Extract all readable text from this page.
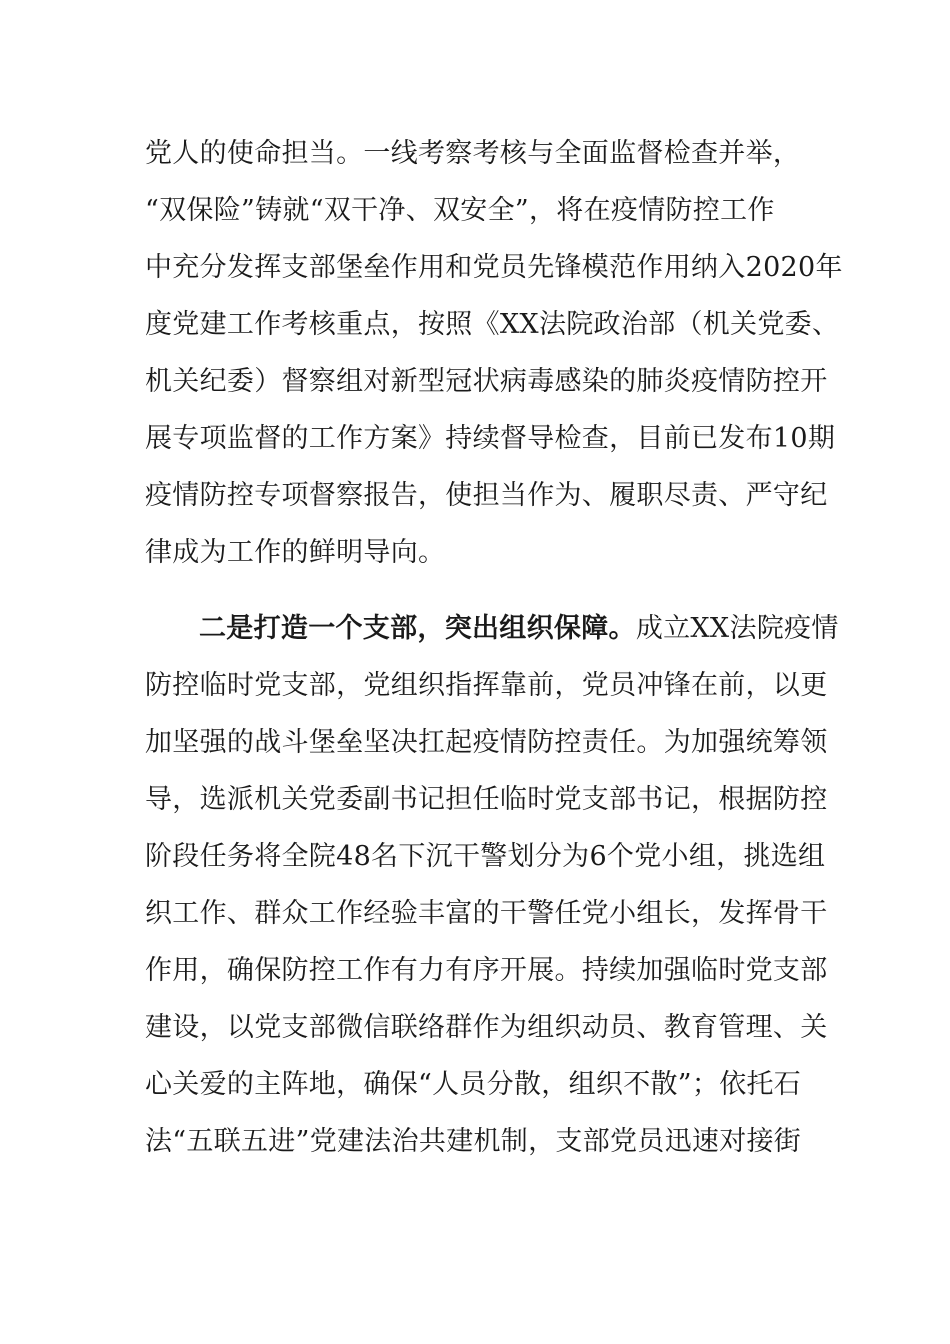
党人的使命担当。一线考察考核与全面监督检查并举，
“双保险”铸就“双干净、双安全”，将在疫情防控工作
中充分发挥支部堡垒作用和党员先锋模范作用纳入2020年
度党建工作考核重点，按照《XX法院政治部（机关党委、
机关纪委）督察组对新型冠状病毒感染的肺炎疫情防控开
展专项监督的工作方案》持续督导检查，目前已发布10期
疫情防控专项督察报告，使担当作为、履职尽责、严守纪
律成为工作的鲜明导向。
二是打造一个支部，突出组织保障。成立XX法院疫情
防控临时党支部，党组织指挥靠前，党员冲锋在前，以更
加坚强的战斗堡垒坚决扛起疫情防控责任。为加强统筹领
导，选派机关党委副书记担任临时党支部书记，根据防控
阶段任务将全院48名下沉干警划分为6个党小组，挑选组
织工作、群众工作经验丰富的干警任党小组长，发挥骨干
作用，确保防控工作有力有序开展。持续加强临时党支部
建设，以党支部微信联络群作为组织动员、教育管理、关
心关爱的主阵地，确保“人员分散，组织不散”；依托石
法“五联五进”党建法治共建机制，支部党员迅速对接街
